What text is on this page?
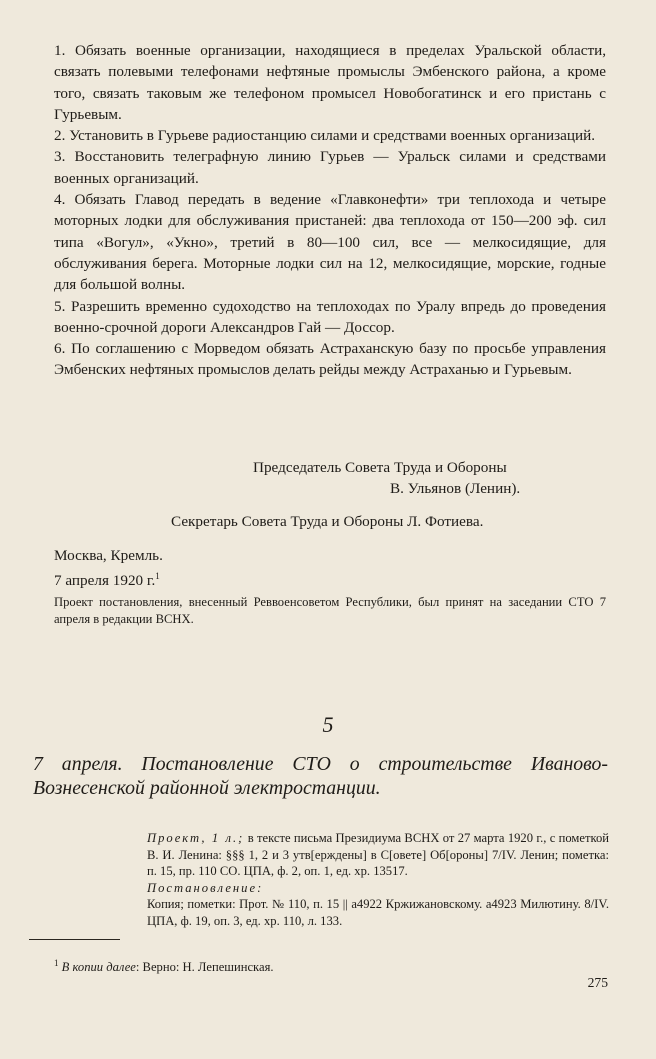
1. Обязать военные организации, находящиеся в пределах Уральской области, связать полевыми телефонами нефтяные промыслы Эмбенского района, а кроме того, связать таковым же телефоном промысел Новобогатинск и его пристань с Гурьевым.

2. Установить в Гурьеве радиостанцию силами и средствами военных организаций.

3. Восстановить телеграфную линию Гурьев — Уральск силами и средствами военных организаций.

4. Обязать Главод передать в ведение «Главконефти» три теплохода и четыре моторных лодки для обслуживания пристаней: два теплохода от 150—200 эф. сил типа «Вогул», «Укно», третий в 80—100 сил, все — мелкосидящие, для обслуживания берега. Моторные лодки сил на 12, мелкосидящие, морские, годные для большой волны.

5. Разрешить временно судоходство на теплоходах по Уралу впредь до проведения военно-срочной дороги Александров Гай — Доссор.

6. По соглашению с Морведом обязать Астраханскую базу по просьбе управления Эмбенских нефтяных промыслов делать рейды между Астраханью и Гурьевым.

Председатель Совета Труда и Обороны
В. Ульянов (Ленин).
Секретарь Совета Труда и Обороны Л. Фотиева.
Москва, Кремль.
7 апреля 1920 г.$^1$
Проект постановления, внесенный Реввоенсоветом Республики, был принят на заседании СТО 7 апреля в редакции ВСНХ.
5
7 апреля. Постановление СТО о строительстве Иваново-Вознесенской районной электростанции.
Проект, 1 л.; в тексте письма Президиума ВСНХ от 27 марта 1920 г., с пометкой В. И. Ленина: §§§ 1, 2 и 3 утв[ерждены] в С[овете] Об[ороны] 7/IV. Ленин; пометка: п. 15, пр. 110 СО. ЦПА, ф. 2, оп. 1, ед. хр. 13517.
Постановление:
Копия; пометки: Прот. № 110, п. 15 || а4922 Кржижановскому. а4923 Милютину. 8/IV. ЦПА, ф. 19, оп. 3, ед. хр. 110, л. 133.
$^1$ В копии далее: Верно: Н. Лепешинская.
275
